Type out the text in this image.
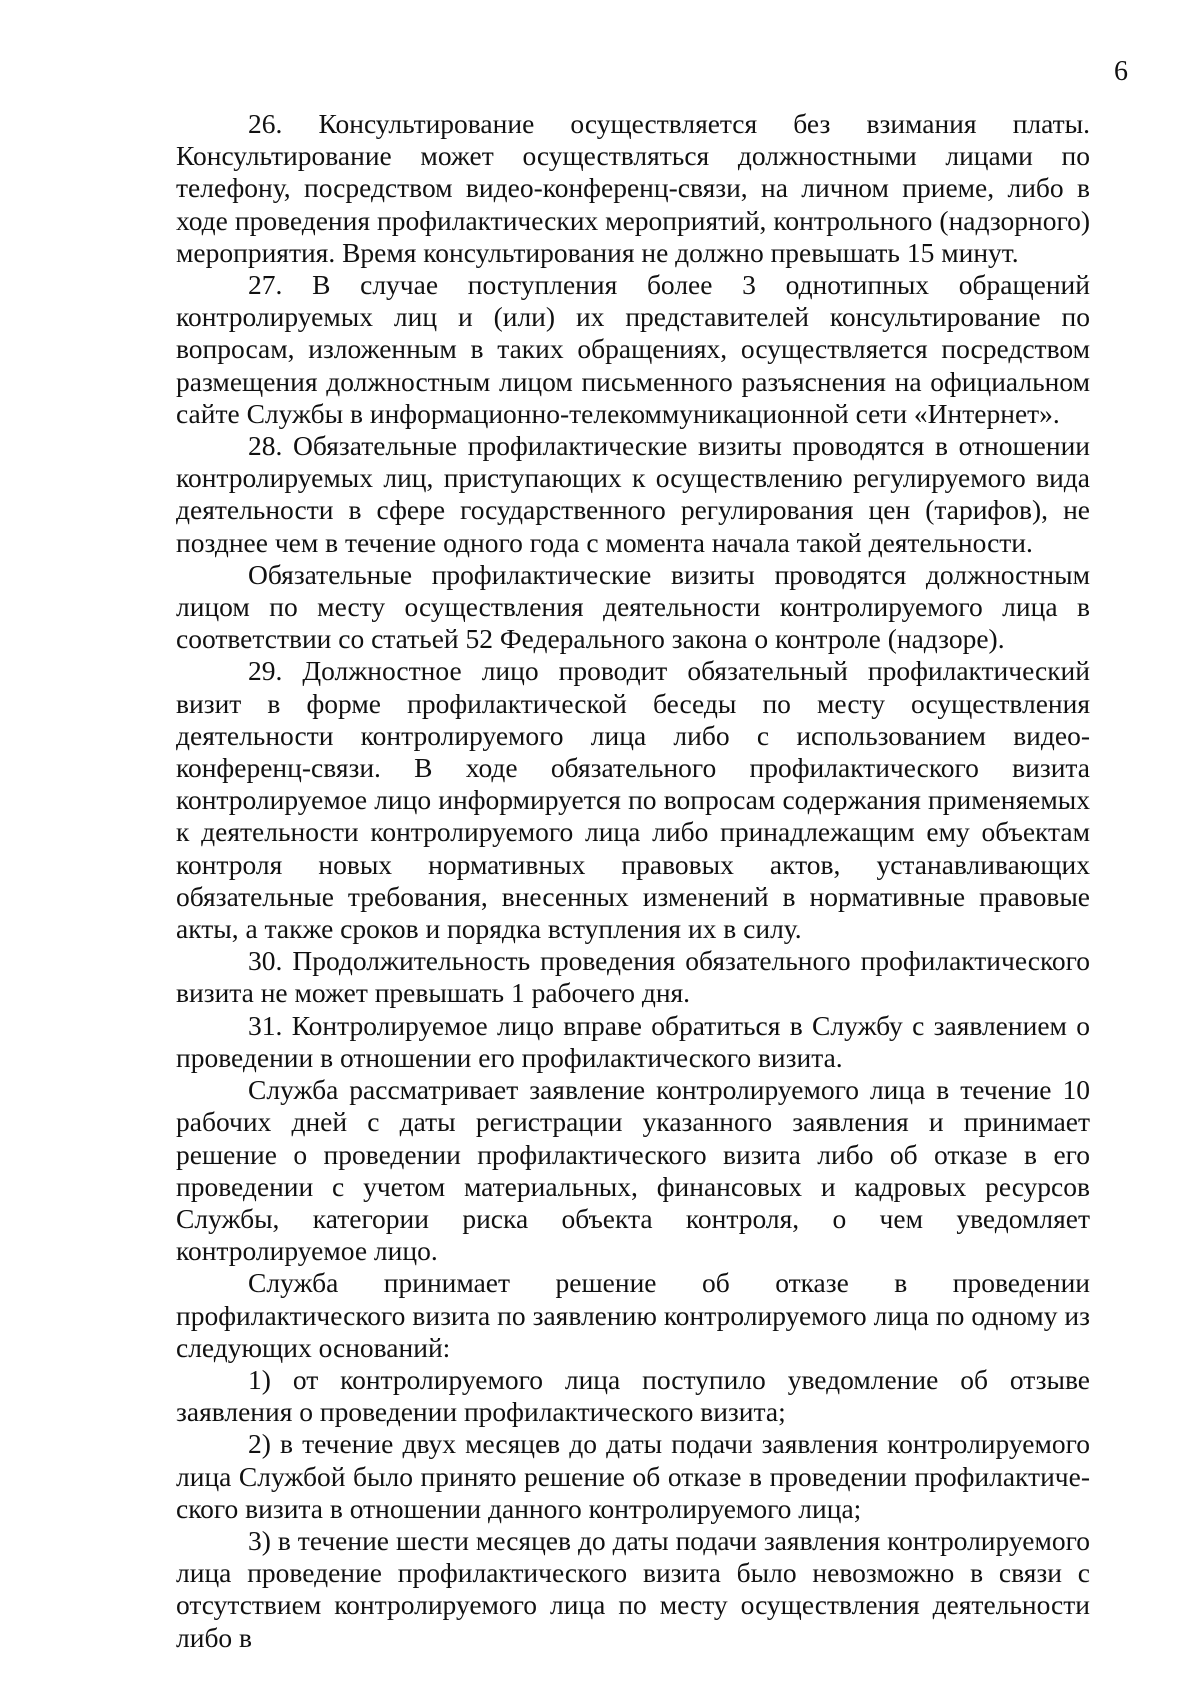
6

26. Консультирование осуществляется без взимания платы. Консультирование может осуществляться должностными лицами по телефону, посредством видео-конференц-связи, на личном приеме, либо в ходе проведения профилактических мероприятий, контрольного (надзорного) мероприятия. Время консультирования не должно превышать 15 минут.

27. В случае поступления более 3 однотипных обращений контролируемых лиц и (или) их представителей консультирование по вопросам, изложенным в таких обращениях, осуществляется посредством размещения должностным лицом письменного разъяснения на официальном сайте Службы в информационно-телекоммуникационной сети «Интернет».

28. Обязательные профилактические визиты проводятся в отношении контролируемых лиц, приступающих к осуществлению регулируемого вида деятельности в сфере государственного регулирования цен (тарифов), не позднее чем в течение одного года с момента начала такой деятельности.

Обязательные профилактические визиты проводятся должностным лицом по месту осуществления деятельности контролируемого лица в соответствии со статьей 52 Федерального закона о контроле (надзоре).

29. Должностное лицо проводит обязательный профилактический визит в форме профилактической беседы по месту осуществления деятельности контролируемого лица либо с использованием видео-конференц-связи. В ходе обязательного профилактического визита контролируемое лицо информируется по вопросам содержания применяемых к деятельности контролируемого лица либо принадлежащим ему объектам контроля новых нормативных правовых актов, устанавливающих обязательные требования, внесенных изменений в нормативные правовые акты, а также сроков и порядка вступления их в силу.

30. Продолжительность проведения обязательного профилактического визита не может превышать 1 рабочего дня.

31. Контролируемое лицо вправе обратиться в Службу с заявлением о проведении в отношении его профилактического визита.

Служба рассматривает заявление контролируемого лица в течение 10 рабочих дней с даты регистрации указанного заявления и принимает решение о проведении профилактического визита либо об отказе в его проведении с учетом материальных, финансовых и кадровых ресурсов Службы, категории риска объекта контроля, о чем уведомляет контролируемое лицо.

Служба принимает решение об отказе в проведении профилактического визита по заявлению контролируемого лица по одному из следующих оснований:

1) от контролируемого лица поступило уведомление об отзыве заявления о проведении профилактического визита;

2) в течение двух месяцев до даты подачи заявления контролируемого лица Службой было принято решение об отказе в проведении профилактического визита в отношении данного контролируемого лица;

3) в течение шести месяцев до даты подачи заявления контролируемого лица проведение профилактического визита было невозможно в связи с отсутствием контролируемого лица по месту осуществления деятельности либо в
